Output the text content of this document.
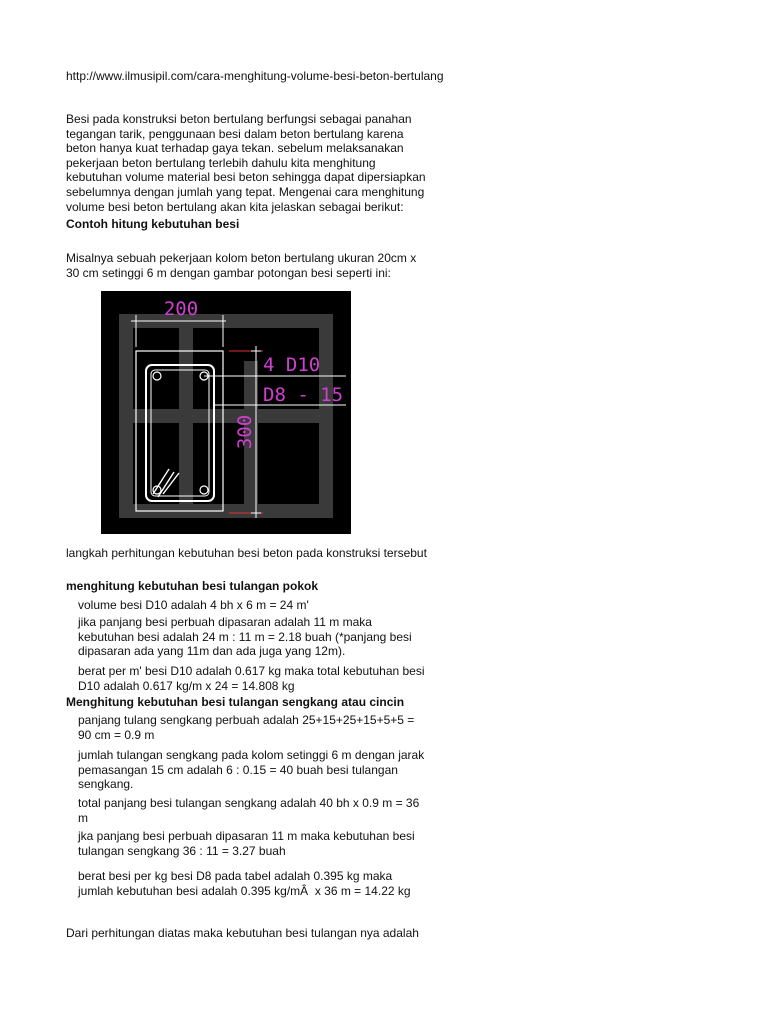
http://www.ilmusipil.com/cara-menghitung-volume-besi-beton-bertulang
Besi pada konstruksi beton bertulang berfungsi sebagai panahan
tegangan tarik, penggunaan besi dalam beton bertulang karena
beton hanya kuat terhadap gaya tekan. sebelum melaksanakan
pekerjaan beton bertulang terlebih dahulu kita menghitung
kebutuhan volume material besi beton sehingga dapat dipersiapkan
sebelumnya dengan jumlah yang tepat. Mengenai cara menghitung
volume besi beton bertulang akan kita jelaskan sebagai berikut:
Contoh hitung kebutuhan besi
Misalnya sebuah pekerjaan kolom beton bertulang ukuran 20cm x
30 cm setinggi 6 m dengan gambar potongan besi seperti ini:
langkah perhitungan kebutuhan besi beton pada konstruksi tersebut
menghitung kebutuhan besi tulangan pokok
volume besi D10 adalah 4 bh x 6 m = 24 m'
jika panjang besi perbuah dipasaran adalah 11 m maka
kebutuhan besi adalah 24 m : 11 m = 2.18 buah (*panjang besi
dipasaran ada yang 11m dan ada juga yang 12m).
berat per m' besi D10 adalah 0.617 kg maka total kebutuhan besi
D10 adalah 0.617 kg/m x 24 = 14.808 kg
Menghitung kebutuhan besi tulangan sengkang atau cincin
panjang tulang sengkang perbuah adalah 25+15+25+15+5+5 =
90 cm = 0.9 m
jumlah tulangan sengkang pada kolom setinggi 6 m dengan jarak
pemasangan 15 cm adalah 6 : 0.15 = 40 buah besi tulangan
sengkang.
total panjang besi tulangan sengkang adalah 40 bh x 0.9 m = 36
m
jka panjang besi perbuah dipasaran 11 m maka kebutuhan besi
tulangan sengkang 36 : 11 = 3.27 buah
berat besi per kg besi D8 pada tabel adalah 0.395 kg maka
jumlah kebutuhan besi adalah 0.395 kg/mÂ  x 36 m = 14.22 kg
Dari perhitungan diatas maka kebutuhan besi tulangan nya adalah
200
4 D10
D8 - 15
300
